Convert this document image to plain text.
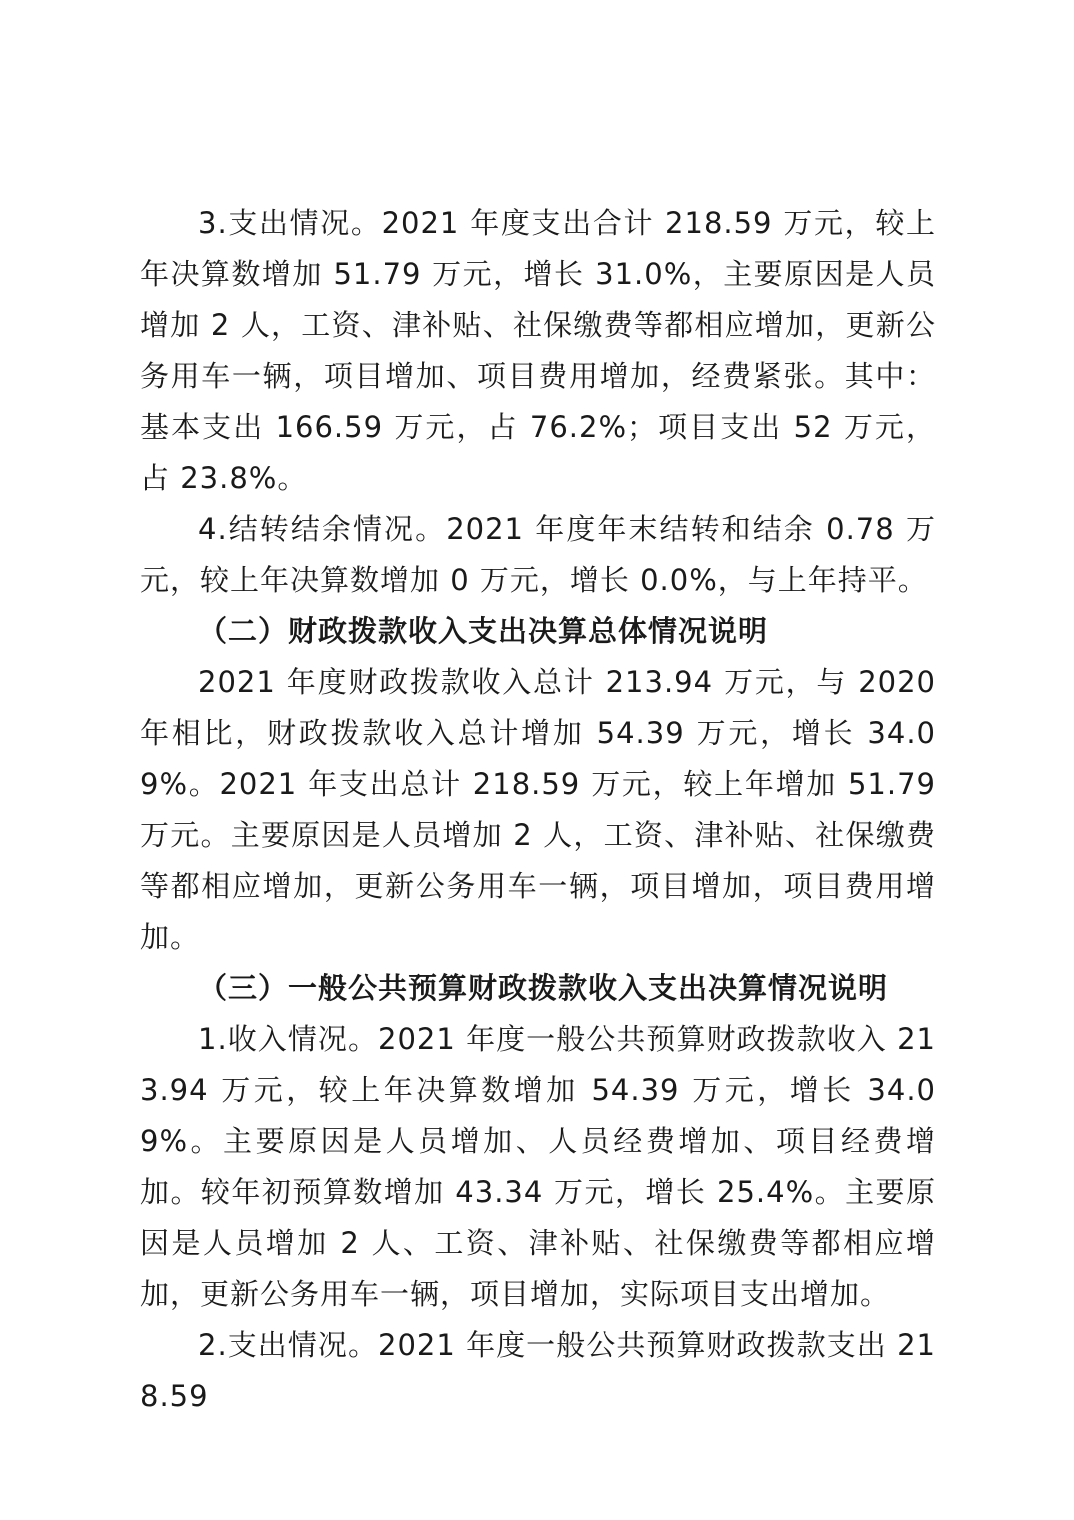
3.支出情况。2021 年度支出合计 218.59 万元，较上年决算数增加 51.79 万元，增长 31.0%，主要原因是人员增加 2 人，工资、津补贴、社保缴费等都相应增加，更新公务用车一辆，项目增加、项目费用增加，经费紧张。其中：基本支出 166.59 万元，占 76.2%；项目支出 52 万元，占 23.8%。

4.结转结余情况。2021 年度年末结转和结余 0.78 万元，较上年决算数增加 0 万元，增长 0.0%，与上年持平。

（二）财政拨款收入支出决算总体情况说明

2021 年度财政拨款收入总计 213.94 万元，与 2020 年相比，财政拨款收入总计增加 54.39 万元，增长 34.09%。2021 年支出总计 218.59 万元，较上年增加 51.79 万元。主要原因是人员增加 2 人，工资、津补贴、社保缴费等都相应增加，更新公务用车一辆，项目增加，项目费用增加。

（三）一般公共预算财政拨款收入支出决算情况说明

1.收入情况。2021 年度一般公共预算财政拨款收入 213.94 万元，较上年决算数增加 54.39 万元，增长 34.09%。主要原因是人员增加、人员经费增加、项目经费增加。较年初预算数增加 43.34 万元，增长 25.4%。主要原因是人员增加 2 人、工资、津补贴、社保缴费等都相应增加，更新公务用车一辆，项目增加，实际项目支出增加。

2.支出情况。2021 年度一般公共预算财政拨款支出 218.59
